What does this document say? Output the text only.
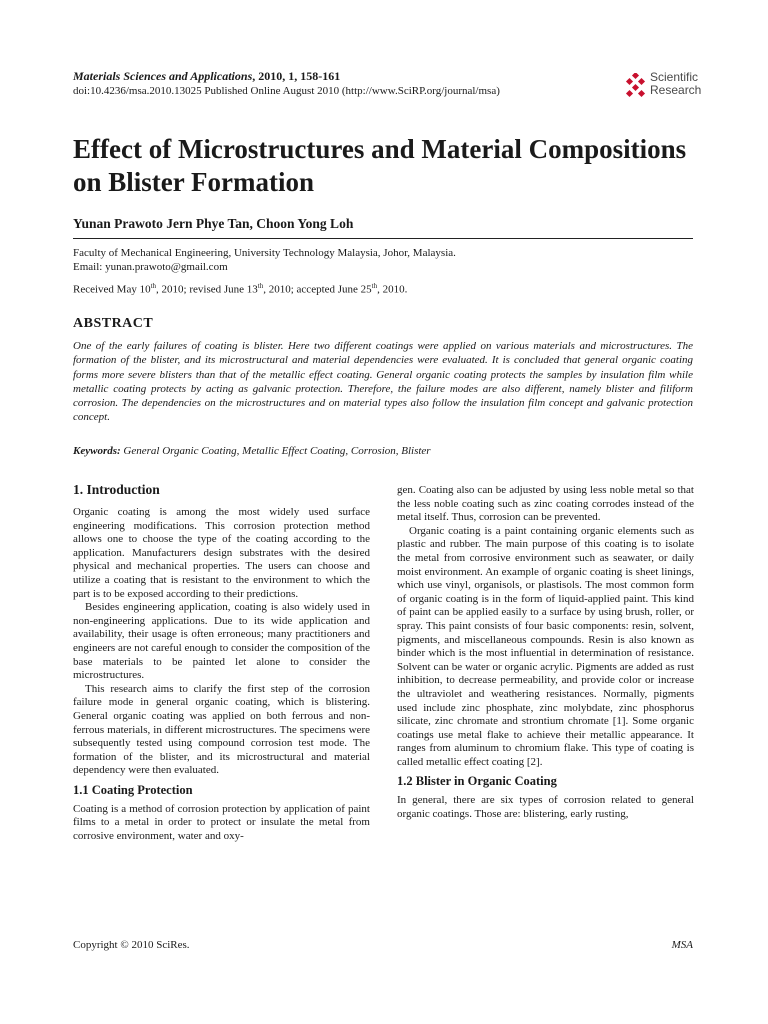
Materials Sciences and Applications, 2010, 1, 158-161
doi:10.4236/msa.2010.13025 Published Online August 2010 (http://www.SciRP.org/journal/msa)
Scientific
Research
Effect of Microstructures and Material Compositions on Blister Formation
Yunan Prawoto Jern Phye Tan, Choon Yong Loh
Faculty of Mechanical Engineering, University Technology Malaysia, Johor, Malaysia.
Email: yunan.prawoto@gmail.com
Received May 10th, 2010; revised June 13th, 2010; accepted June 25th, 2010.
ABSTRACT

One of the early failures of coating is blister. Here two different coatings were applied on various materials and microstructures. The formation of the blister, and its microstructural and material dependencies were evaluated. It is concluded that general organic coating forms more severe blisters than that of the metallic effect coating. General organic coating protects the samples by insulation film while metallic coating protects by acting as galvanic protection. Therefore, the failure modes are also different, namely blister and filiform corrosion. The dependencies on the microstructures and on material types also follow the insulation film concept and galvanic protection concept.

Keywords: General Organic Coating, Metallic Effect Coating, Corrosion, Blister
1. Introduction

Organic coating is among the most widely used surface engineering modifications. This corrosion protection method allows one to choose the type of the coating according to the application. Manufacturers design substrates with the desired physical and mechanical properties. The users can choose and utilize a coating that is resistant to the environment to which the part is to be exposed according to their predictions.

Besides engineering application, coating is also widely used in non-engineering applications. Due to its wide application and availability, their usage is often erroneous; many practitioners and engineers are not careful enough to consider the composition of the base materials to be painted let alone to consider the microstructures.

This research aims to clarify the first step of the corrosion failure mode in general organic coating, which is blistering. General organic coating was applied on both ferrous and non-ferrous materials, in different microstructures. The specimens were subsequently tested using compound corrosion test mode. The formation of the blister, and its microstructural and material dependency were then evaluated.

1.1 Coating Protection

Coating is a method of corrosion protection by application of paint films to a metal in order to protect or insulate the metal from corrosive environment, water and oxy-

gen. Coating also can be adjusted by using less noble metal so that the less noble coating such as zinc coating corrodes instead of the metal itself. Thus, corrosion can be prevented.

Organic coating is a paint containing organic elements such as plastic and rubber. The main purpose of this coating is to isolate the metal from corrosive environment such as seawater, or daily moist environment. An example of organic coating is sheet linings, which use vinyl, organisols, or plastisols. The most common form of organic coating is in the form of liquid-applied paint. This kind of paint can be applied easily to a surface by using brush, roller, or spray. This paint consists of four basic components: resin, solvent, pigments, and miscellaneous compounds. Resin is also known as binder which is the most influential in determination of resistance. Solvent can be water or organic acrylic. Pigments are added as rust inhibition, to decrease permeability, and provide color or increase the ultraviolet and weathering resistances. Normally, pigments used include zinc phosphate, zinc molybdate, zinc phosphorus silicate, zinc chromate and strontium chromate [1]. Some organic coatings use metal flake to achieve their metallic appearance. It ranges from aluminum to chromium flake. This type of coating is called metallic effect coating [2].

1.2 Blister in Organic Coating

In general, there are six types of corrosion related to general organic coatings. Those are: blistering, early rusting,

Copyright © 2010 SciRes.	MSA
